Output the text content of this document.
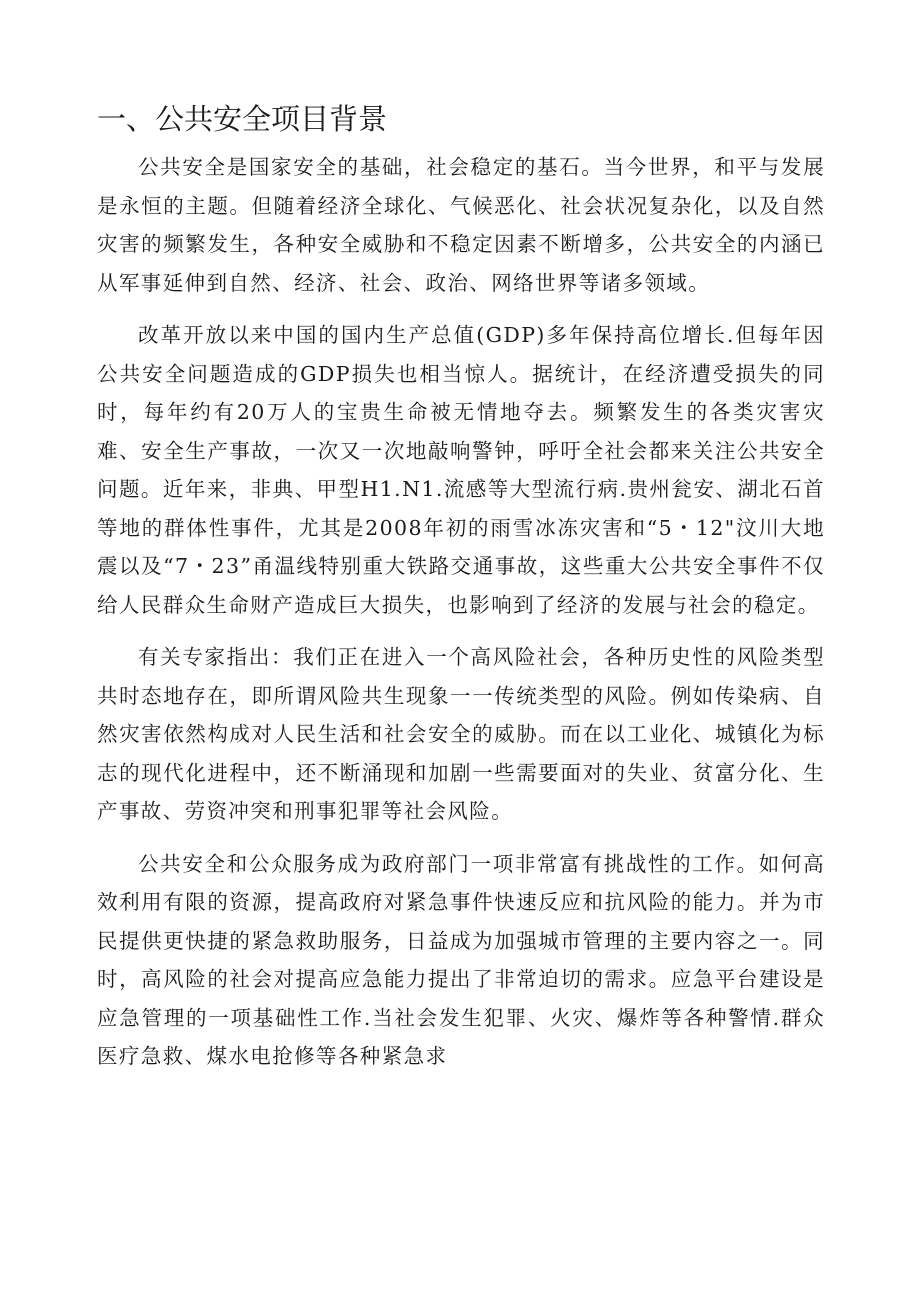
一、公共安全项目背景

公共安全是国家安全的基础，社会稳定的基石。当今世界，和平与发展是永恒的主题。但随着经济全球化、气候恶化、社会状况复杂化，以及自然灾害的频繁发生，各种安全威胁和不稳定因素不断增多，公共安全的内涵已从军事延伸到自然、经济、社会、政治、网络世界等诸多领域。

改革开放以来中国的国内生产总值(GDP)多年保持高位增长.但每年因公共安全问题造成的GDP损失也相当惊人。据统计，在经济遭受损失的同时，每年约有20万人的宝贵生命被无情地夺去。频繁发生的各类灾害灾难、安全生产事故，一次又一次地敲响警钟，呼吁全社会都来关注公共安全问题。近年来，非典、甲型H1.N1.流感等大型流行病.贵州瓮安、湖北石首等地的群体性事件，尤其是2008年初的雨雪冰冻灾害和“5・12"汶川大地震以及“7・23”甬温线特别重大铁路交通事故，这些重大公共安全事件不仅给人民群众生命财产造成巨大损失，也影响到了经济的发展与社会的稳定。

有关专家指出：我们正在进入一个高风险社会，各种历史性的风险类型共时态地存在，即所谓风险共生现象一一传统类型的风险。例如传染病、自然灾害依然构成对人民生活和社会安全的威胁。而在以工业化、城镇化为标志的现代化进程中，还不断涌现和加剧一些需要面对的失业、贫富分化、生产事故、劳资冲突和刑事犯罪等社会风险。

公共安全和公众服务成为政府部门一项非常富有挑战性的工作。如何高效利用有限的资源，提高政府对紧急事件快速反应和抗风险的能力。并为市民提供更快捷的紧急救助服务，日益成为加强城市管理的主要内容之一。同时，高风险的社会对提高应急能力提出了非常迫切的需求。应急平台建设是应急管理的一项基础性工作.当社会发生犯罪、火灾、爆炸等各种警情.群众医疗急救、煤水电抢修等各种紧急求
